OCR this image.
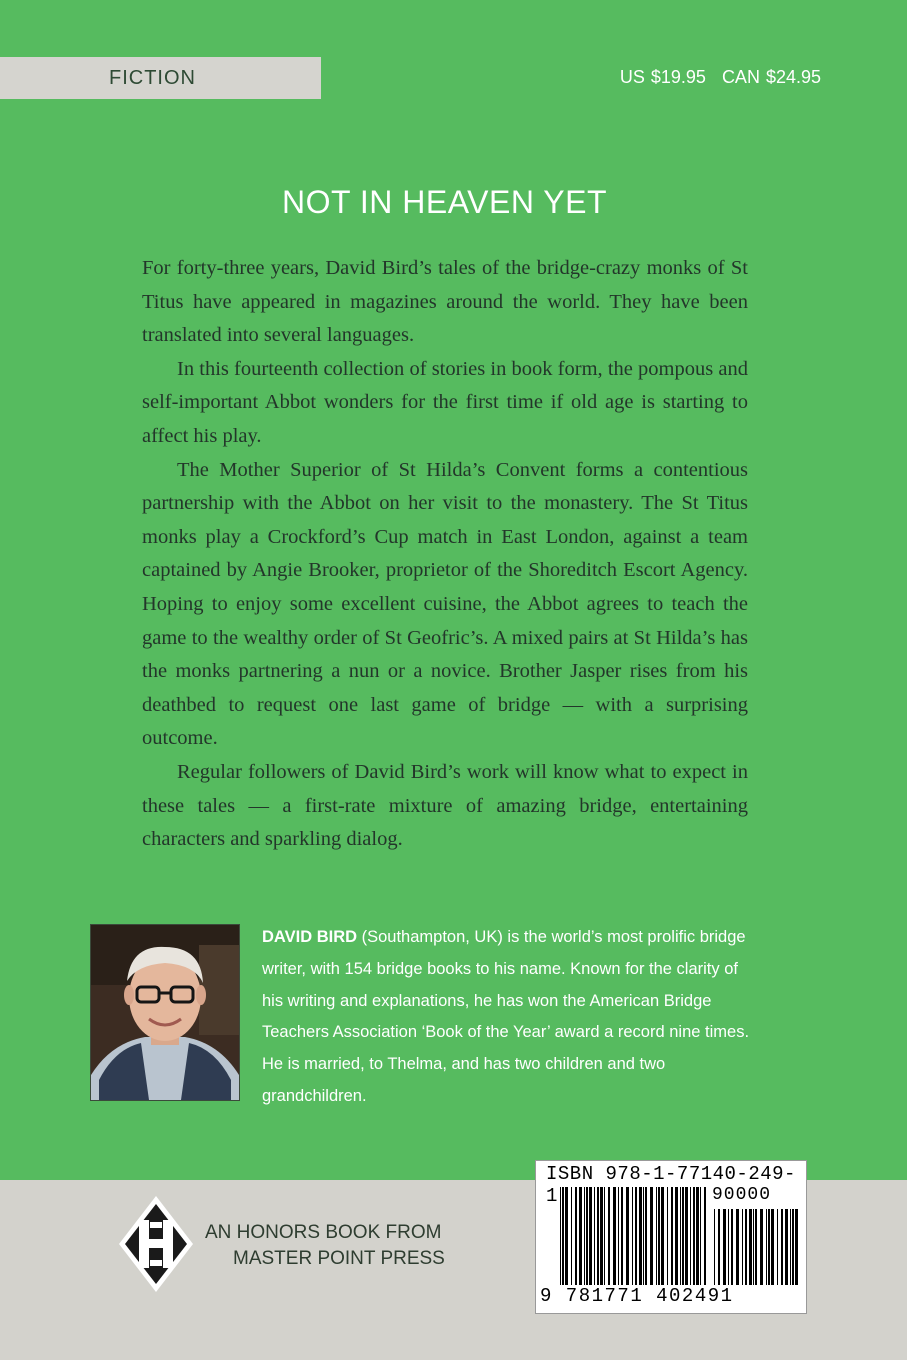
FICTION	US $19.95 CAN $24.95
NOT IN HEAVEN YET

For forty-three years, David Bird’s tales of the bridge-crazy monks of St Titus have appeared in magazines around the world. They have been translated into several languages.

In this fourteenth collection of stories in book form, the pompous and self-important Abbot wonders for the first time if old age is starting to affect his play.

The Mother Superior of St Hilda’s Convent forms a contentious partnership with the Abbot on her visit to the monastery. The St Titus monks play a Crockford’s Cup match in East London, against a team captained by Angie Brooker, proprietor of the Shoreditch Escort Agency. Hoping to enjoy some excellent cuisine, the Abbot agrees to teach the game to the wealthy order of St Geofric’s. A mixed pairs at St Hilda’s has the monks partnering a nun or a novice. Brother Jasper rises from his deathbed to request one last game of bridge — with a surprising outcome.

Regular followers of David Bird’s work will know what to expect in these tales — a first-rate mixture of amazing bridge, entertaining characters and sparkling dialog.

DAVID BIRD (Southampton, UK) is the world’s most prolific bridge writer, with 154 bridge books to his name. Known for the clarity of his writing and explanations, he has won the American Bridge Teachers Association ‘Book of the Year’ award a record nine times. He is married, to Thelma, and has two children and two grandchildren.
AN HONORS BOOK FROM
MASTER POINT PRESS
ISBN 978-1-77140-249-1	90000
9 781771 402491
